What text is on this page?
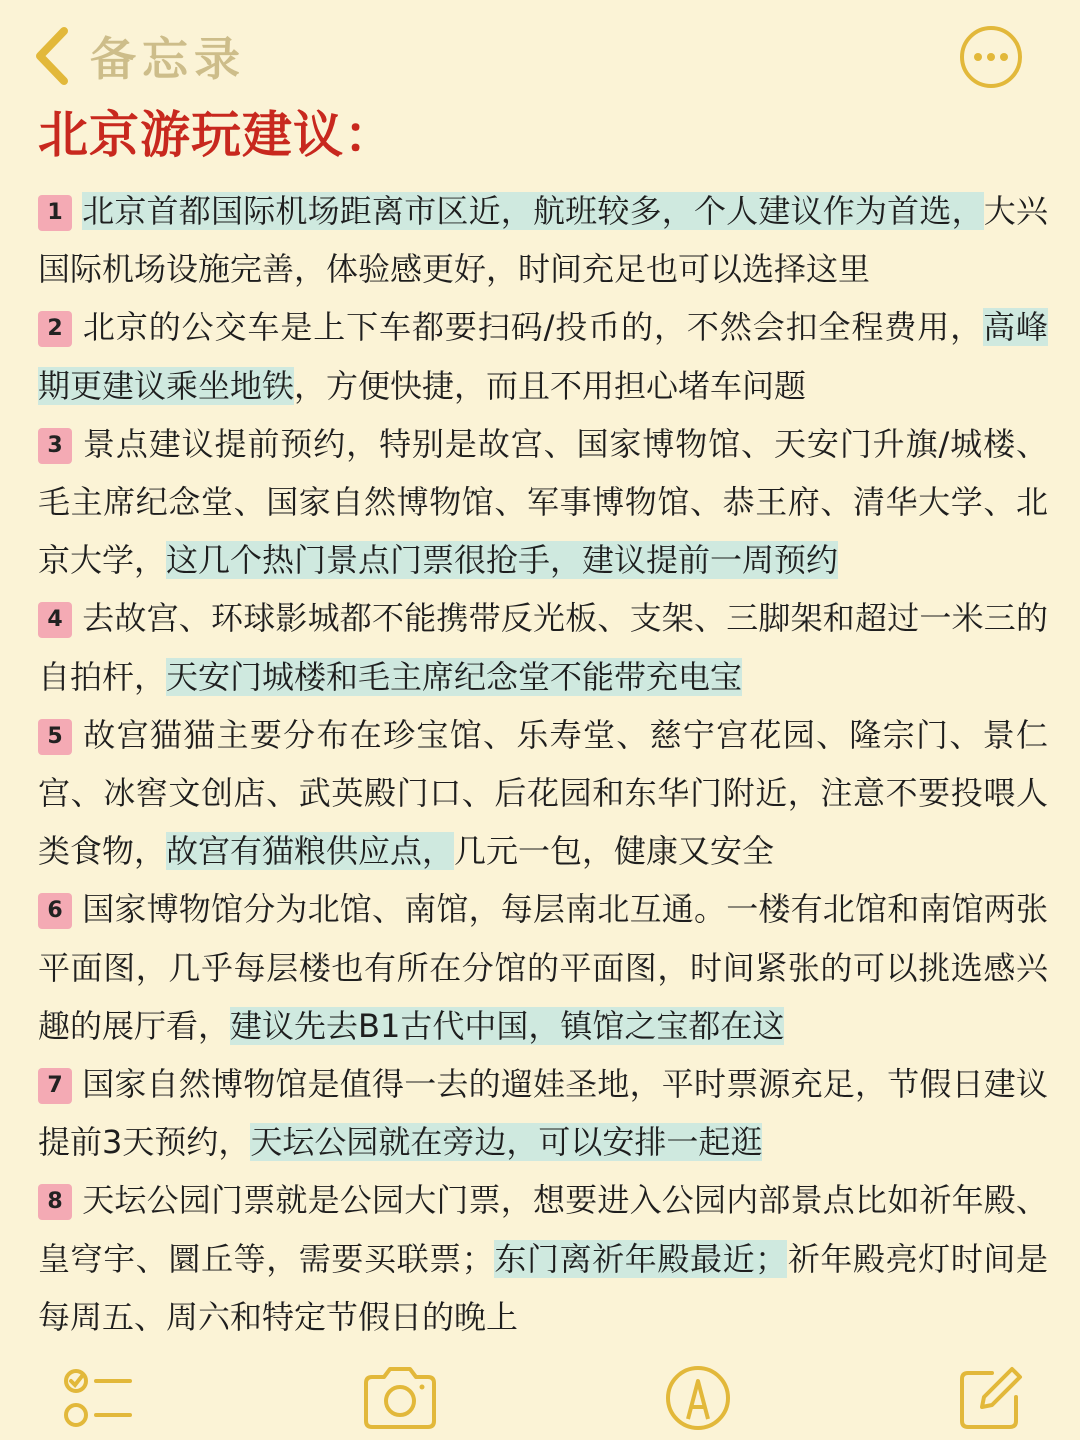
备忘录
北京游玩建议：
1 北京首都国际机场距离市区近，航班较多，个人建议作为首选，大兴国际机场设施完善，体验感更好，时间充足也可以选择这里
2 北京的公交车是上下车都要扫码/投币的，不然会扣全程费用，高峰期更建议乘坐地铁，方便快捷，而且不用担心堵车问题
3 景点建议提前预约，特别是故宫、国家博物馆、天安门升旗/城楼、毛主席纪念堂、国家自然博物馆、军事博物馆、恭王府、清华大学、北京大学，这几个热门景点门票很抢手，建议提前一周预约
4 去故宫、环球影城都不能携带反光板、支架、三脚架和超过一米三的自拍杆，天安门城楼和毛主席纪念堂不能带充电宝
5 故宫猫猫主要分布在珍宝馆、乐寿堂、慈宁宫花园、隆宗门、景仁宫、冰窖文创店、武英殿门口、后花园和东华门附近，注意不要投喂人类食物，故宫有猫粮供应点，几元一包，健康又安全
6 国家博物馆分为北馆、南馆，每层南北互通。一楼有北馆和南馆两张平面图，几乎每层楼也有所在分馆的平面图，时间紧张的可以挑选感兴趣的展厅看，建议先去B1古代中国，镇馆之宝都在这
7 国家自然博物馆是值得一去的遛娃圣地，平时票源充足，节假日建议提前3天预约，天坛公园就在旁边，可以安排一起逛
8 天坛公园门票就是公园大门票，想要进入公园内部景点比如祈年殿、皇穹宇、圜丘等，需要买联票；东门离祈年殿最近；祈年殿亮灯时间是每周五、周六和特定节假日的晚上
